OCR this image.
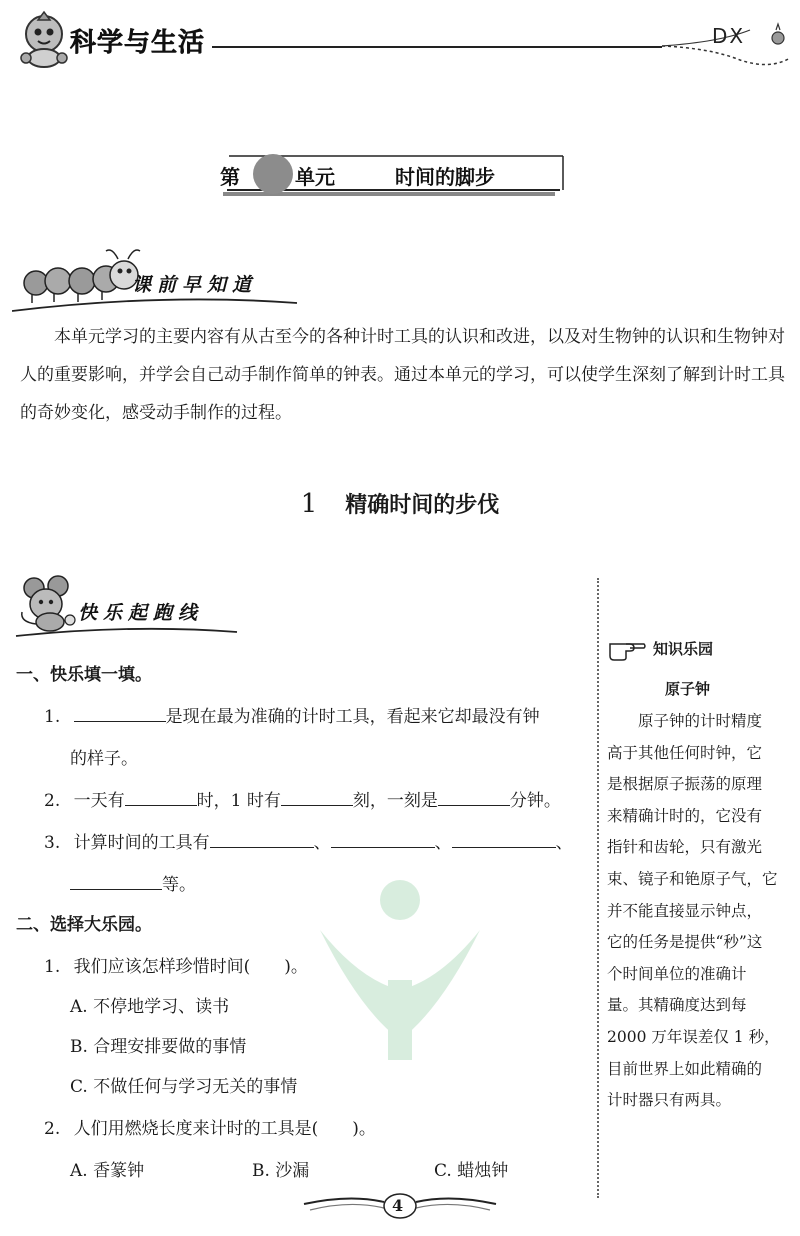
科学与生活	DX
第 二 单元	时间的脚步
课前早知道
本单元学习的主要内容有从古至今的各种计时工具的认识和改进，以及对生物钟的认识和生物钟对人的重要影响，并学会自己动手制作简单的钟表。通过本单元的学习，可以使学生深刻了解到计时工具的奇妙变化，感受动手制作的过程。
1 精确时间的步伐
快乐起跑线
一、快乐填一填。
1.	是现在最为准确的计时工具，看起来它却最没有钟
的样子。
2. 一天有	时，1 时有	刻，一刻是	分钟。
3. 计算时间的工具有	、	、	、
等。
二、选择大乐园。
1. 我们应该怎样珍惜时间(　　)。
A. 不停地学习、读书
B. 合理安排要做的事情
C. 不做任何与学习无关的事情
2. 人们用燃烧长度来计时的工具是(　　)。
A. 香篆钟	B. 沙漏	C. 蜡烛钟
知识乐园
原子钟
　　原子钟的计时精度
高于其他任何时钟，它
是根据原子振荡的原理
来精确计时的，它没有
指针和齿轮，只有激光
束、镜子和铯原子气，它
并不能直接显示钟点，
它的任务是提供“秒”这
个时间单位的准确计
量。其精确度达到每
2000 万年误差仅 1 秒，
目前世界上如此精确的
计时器只有两具。
4
